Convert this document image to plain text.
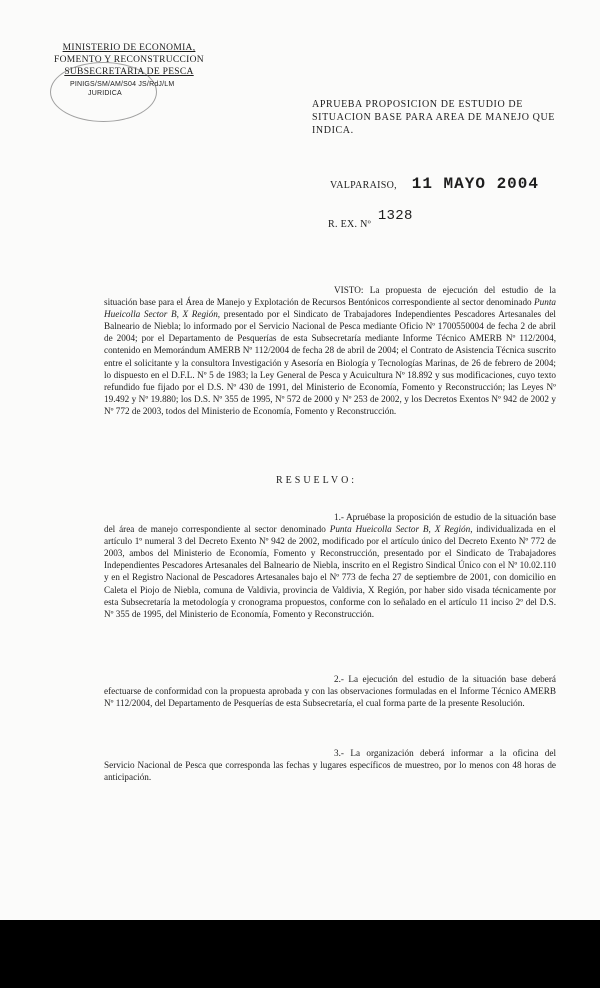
MINISTERIO DE ECONOMIA,
FOMENTO Y RECONSTRUCCION
SUBSECRETARIA DE PESCA
PINIGS/SM/AM/S04 JS/RdJ/LM
JURIDICA
APRUEBA PROPOSICION DE ESTUDIO DE SITUACION BASE PARA AREA DE MANEJO QUE INDICA.
VALPARAISO, 11 MAYO 2004
R. EX. Nº 1328
VISTO: La propuesta de ejecución del estudio de la situación base para el Área de Manejo y Explotación de Recursos Bentónicos correspondiente al sector denominado Punta Hueicolla Sector B, X Región, presentado por el Sindicato de Trabajadores Independientes Pescadores Artesanales del Balneario de Niebla; lo informado por el Servicio Nacional de Pesca mediante Oficio Nº 1700550004 de fecha 2 de abril de 2004; por el Departamento de Pesquerías de esta Subsecretaría mediante Informe Técnico AMERB Nº 112/2004, contenido en Memorándum AMERB Nº 112/2004 de fecha 28 de abril de 2004; el Contrato de Asistencia Técnica suscrito entre el solicitante y la consultora Investigación y Asesoría en Biología y Tecnologías Marinas, de 26 de febrero de 2004; lo dispuesto en el D.F.L. Nº 5 de 1983; la Ley General de Pesca y Acuicultura Nº 18.892 y sus modificaciones, cuyo texto refundido fue fijado por el D.S. Nº 430 de 1991, del Ministerio de Economía, Fomento y Reconstrucción; las Leyes Nº 19.492 y Nº 19.880; los D.S. Nº 355 de 1995, Nº 572 de 2000 y Nº 253 de 2002, y los Decretos Exentos Nº 942 de 2002 y Nº 772 de 2003, todos del Ministerio de Economía, Fomento y Reconstrucción.
RESUELVO:
1.- Apruébase la proposición de estudio de la situación base del área de manejo correspondiente al sector denominado Punta Hueicolla Sector B, X Región, individualizada en el artículo 1º numeral 3 del Decreto Exento Nº 942 de 2002, modificado por el artículo único del Decreto Exento Nº 772 de 2003, ambos del Ministerio de Economía, Fomento y Reconstrucción, presentado por el Sindicato de Trabajadores Independientes Pescadores Artesanales del Balneario de Niebla, inscrito en el Registro Sindical Único con el Nº 10.02.110 y en el Registro Nacional de Pescadores Artesanales bajo el Nº 773 de fecha 27 de septiembre de 2001, con domicilio en Caleta el Piojo de Niebla, comuna de Valdivia, provincia de Valdivia, X Región, por haber sido visada técnicamente por esta Subsecretaría la metodología y cronograma propuestos, conforme con lo señalado en el artículo 11 inciso 2º del D.S. Nº 355 de 1995, del Ministerio de Economía, Fomento y Reconstrucción.
2.- La ejecución del estudio de la situación base deberá efectuarse de conformidad con la propuesta aprobada y con las observaciones formuladas en el Informe Técnico AMERB Nº 112/2004, del Departamento de Pesquerías de esta Subsecretaría, el cual forma parte de la presente Resolución.
3.- La organización deberá informar a la oficina del Servicio Nacional de Pesca que corresponda las fechas y lugares específicos de muestreo, por lo menos con 48 horas de anticipación.
